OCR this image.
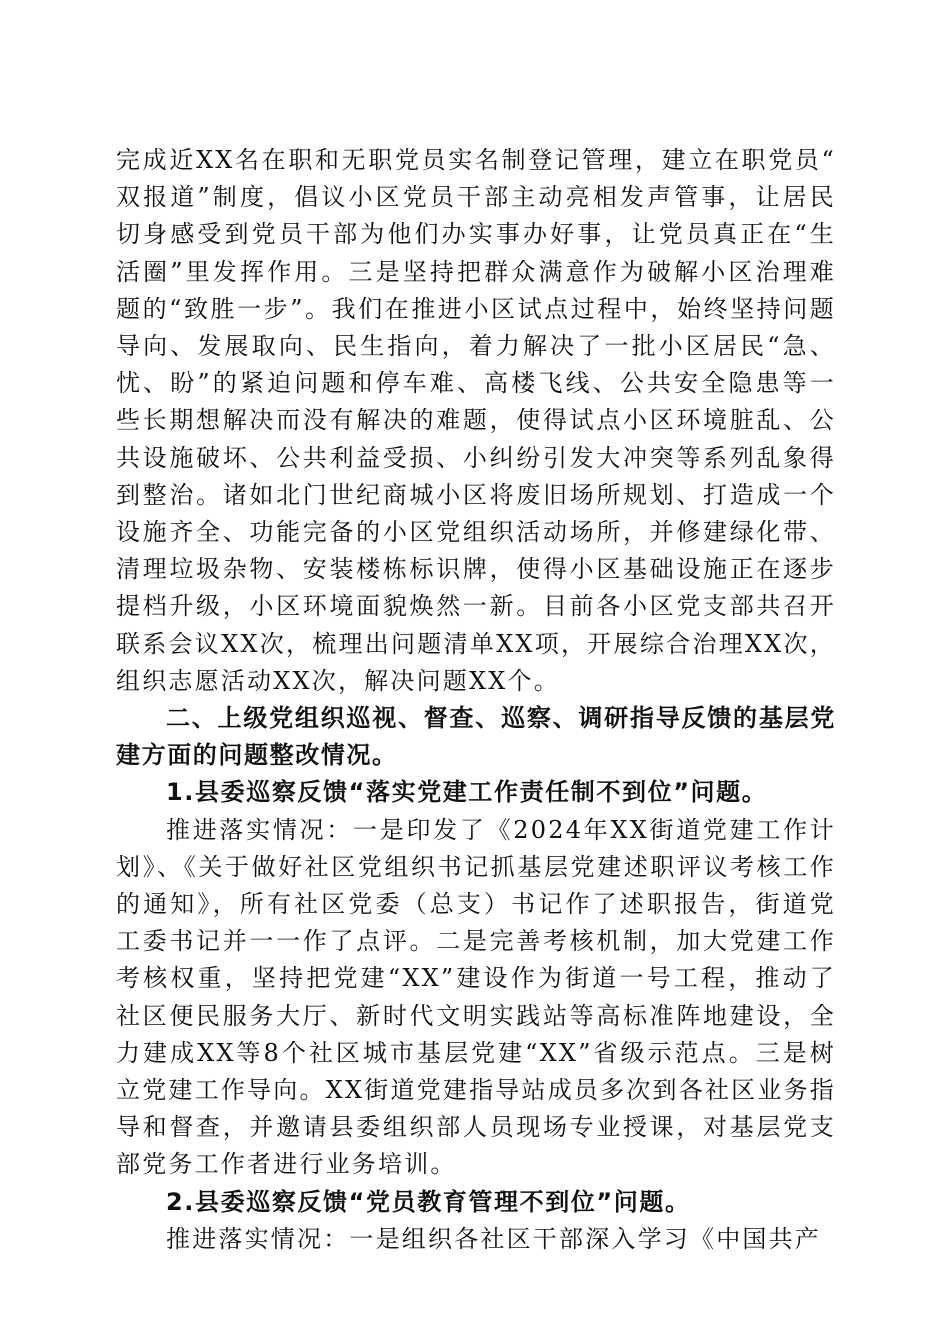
完成近XX名在职和无职党员实名制登记管理，建立在职党员“双报道”制度，倡议小区党员干部主动亮相发声管事，让居民切身感受到党员干部为他们办实事办好事，让党员真正在“生活圈”里发挥作用。三是坚持把群众满意作为破解小区治理难题的“致胜一步”。我们在推进小区试点过程中，始终坚持问题导向、发展取向、民生指向，着力解决了一批小区居民“急、忧、盼”的紧迫问题和停车难、高楼飞线、公共安全隐患等一些长期想解决而没有解决的难题，使得试点小区环境脏乱、公共设施破坏、公共利益受损、小纠纷引发大冲突等系列乱象得到整治。诸如北门世纪商城小区将废旧场所规划、打造成一个设施齐全、功能完备的小区党组织活动场所，并修建绿化带、清理垃圾杂物、安装楼栋标识牌，使得小区基础设施正在逐步提档升级，小区环境面貌焕然一新。目前各小区党支部共召开联系会议XX次，梳理出问题清单XX项，开展综合治理XX次，组织志愿活动XX次，解决问题XX个。

二、上级党组织巡视、督查、巡察、调研指导反馈的基层党建方面的问题整改情况。

1.县委巡察反馈“落实党建工作责任制不到位”问题。

推进落实情况：一是印发了《2024年XX街道党建工作计划》、《关于做好社区党组织书记抓基层党建述职评议考核工作的通知》，所有社区党委（总支）书记作了述职报告，街道党工委书记并一一作了点评。二是完善考核机制，加大党建工作考核权重，坚持把党建“XX”建设作为街道一号工程，推动了社区便民服务大厅、新时代文明实践站等高标准阵地建设，全力建成XX等8个社区城市基层党建“XX”省级示范点。三是树立党建工作导向。XX街道党建指导站成员多次到各社区业务指导和督查，并邀请县委组织部人员现场专业授课，对基层党支部党务工作者进行业务培训。

2.县委巡察反馈“党员教育管理不到位”问题。

推进落实情况：一是组织各社区干部深入学习《中国共产
